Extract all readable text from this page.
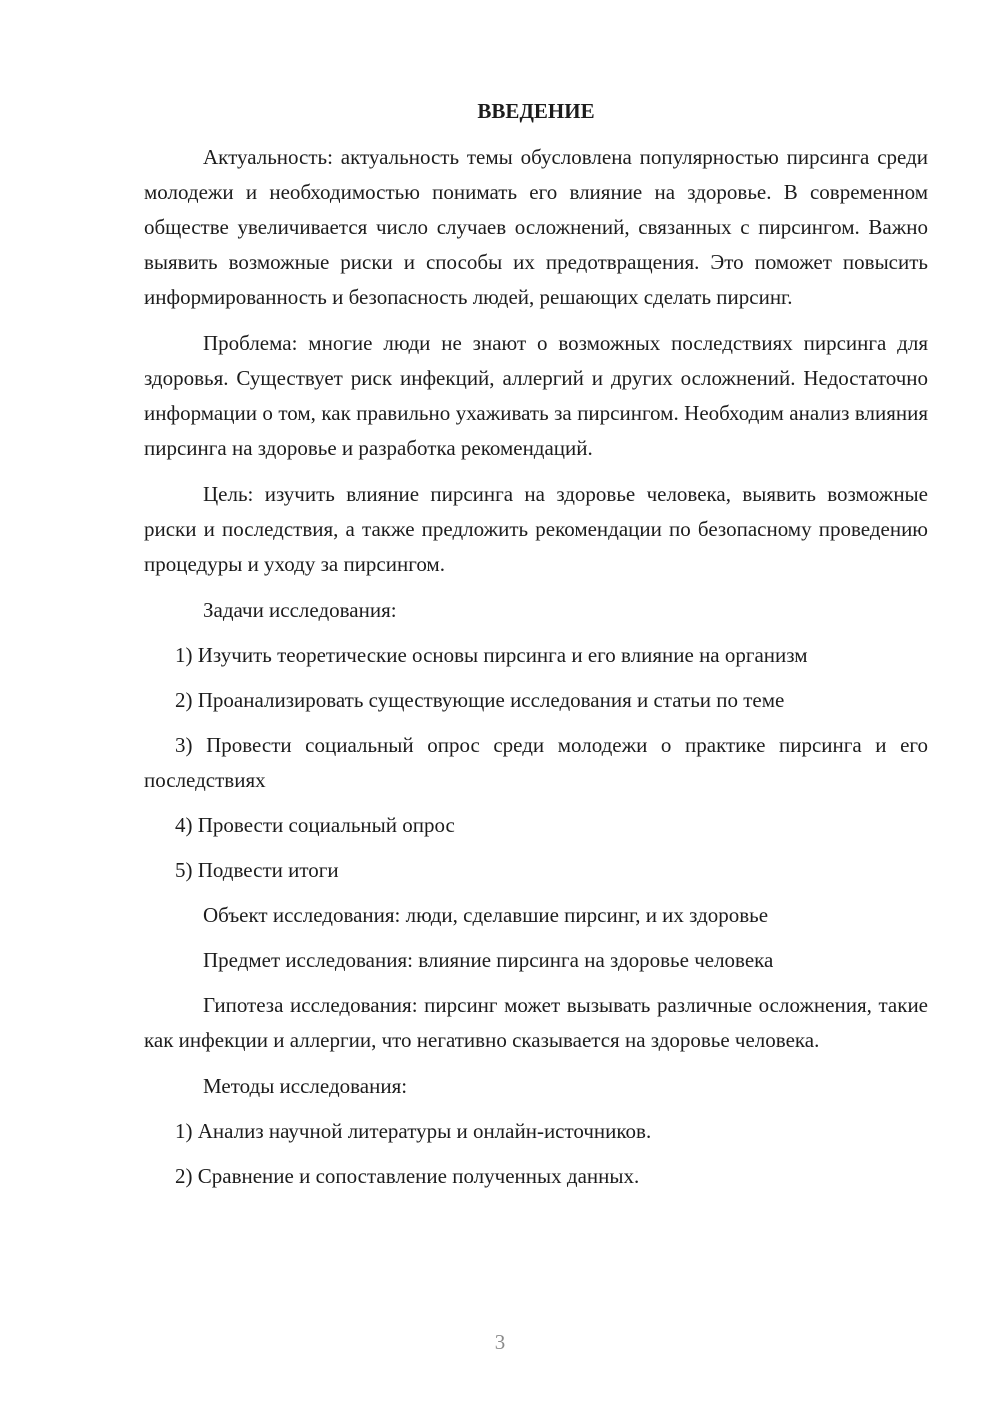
ВВЕДЕНИЕ

Актуальность: актуальность темы обусловлена популярностью пирсинга среди молодежи и необходимостью понимать его влияние на здоровье. В современном обществе увеличивается число случаев осложнений, связанных с пирсингом. Важно выявить возможные риски и способы их предотвращения. Это поможет повысить информированность и безопасность людей, решающих сделать пирсинг.

Проблема: многие люди не знают о возможных последствиях пирсинга для здоровья. Существует риск инфекций, аллергий и других осложнений. Недостаточно информации о том, как правильно ухаживать за пирсингом. Необходим анализ влияния пирсинга на здоровье и разработка рекомендаций.

Цель: изучить влияние пирсинга на здоровье человека, выявить возможные риски и последствия, а также предложить рекомендации по безопасному проведению процедуры и уходу за пирсингом.

Задачи исследования:

1) Изучить теоретические основы пирсинга и его влияние на организм

2) Проанализировать существующие исследования и статьи по теме

3) Провести социальный опрос среди молодежи о практике пирсинга и его последствиях

4) Провести социальный опрос

5) Подвести итоги

Объект исследования: люди, сделавшие пирсинг, и их здоровье

Предмет исследования: влияние пирсинга на здоровье человека

Гипотеза исследования: пирсинг может вызывать различные осложнения, такие как инфекции и аллергии, что негативно сказывается на здоровье человека.

Методы исследования:

1) Анализ научной литературы и онлайн-источников.

2) Сравнение и сопоставление полученных данных.

3
